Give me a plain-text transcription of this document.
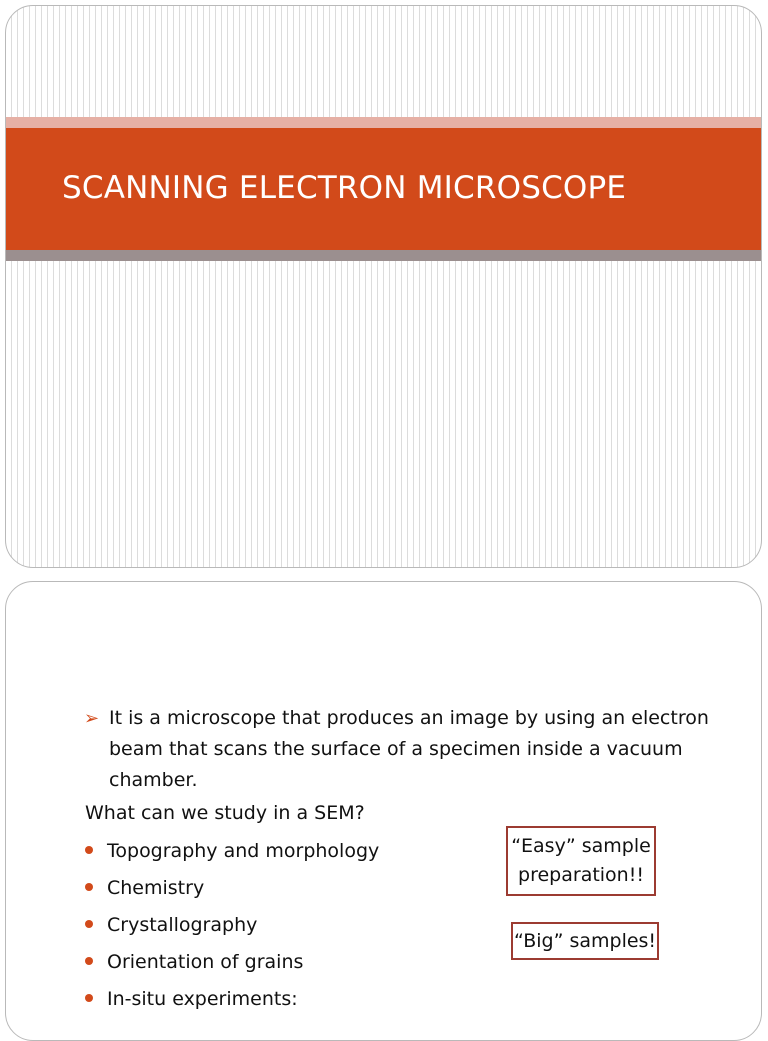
SCANNING ELECTRON MICROSCOPE
➢ It is a microscope that produces an image by using an electron beam that scans the surface of a specimen inside a vacuum chamber.

What can we study in a SEM?

Topography and morphology
Chemistry
Crystallography
Orientation of grains
In-situ experiments:
“Easy” sample
preparation!!
“Big” samples!
